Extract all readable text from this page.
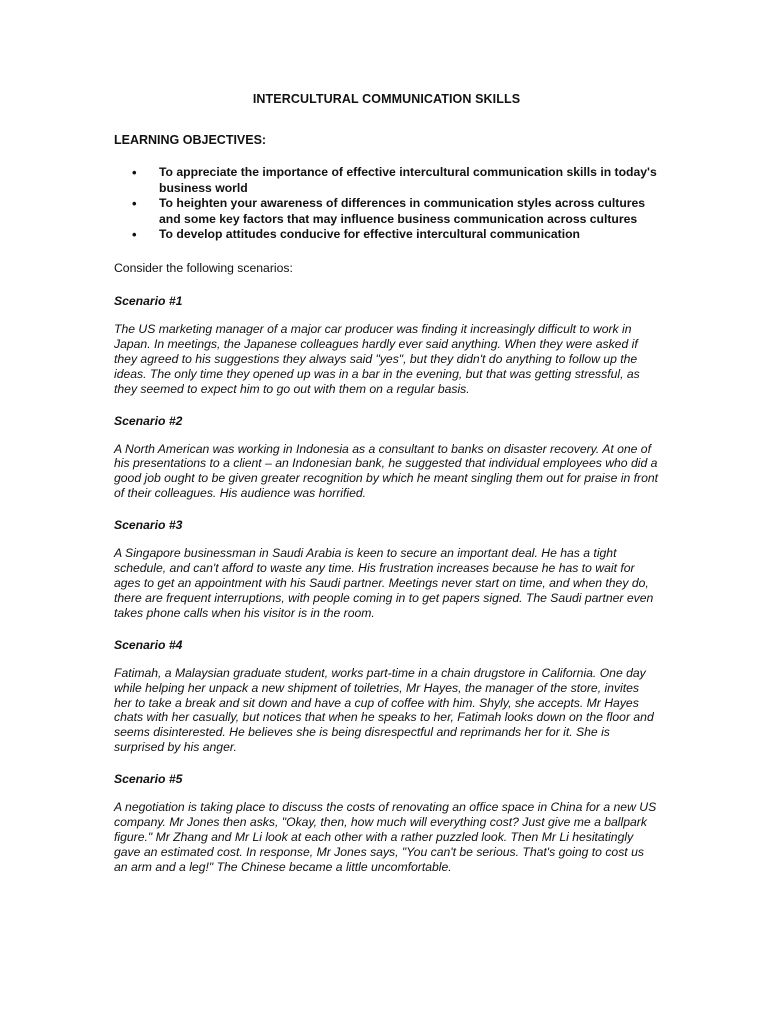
INTERCULTURAL COMMUNICATION SKILLS
LEARNING OBJECTIVES:
• To appreciate the importance of effective intercultural communication skills in today's business world
• To heighten your awareness of differences in communication styles across cultures and some key factors that may influence business communication across cultures
• To develop attitudes conducive for effective intercultural communication
Consider the following scenarios:
Scenario #1
The US marketing manager of a major car producer was finding it increasingly difficult to work in Japan. In meetings, the Japanese colleagues hardly ever said anything. When they were asked if they agreed to his suggestions they always said "yes", but they didn't do anything to follow up the ideas. The only time they opened up was in a bar in the evening, but that was getting stressful, as they seemed to expect him to go out with them on a regular basis.
Scenario #2
A North American was working in Indonesia as a consultant to banks on disaster recovery. At one of his presentations to a client – an Indonesian bank, he suggested that individual employees who did a good job ought to be given greater recognition by which he meant singling them out for praise in front of their colleagues. His audience was horrified.
Scenario #3
A Singapore businessman in Saudi Arabia is keen to secure an important deal. He has a tight schedule, and can't afford to waste any time. His frustration increases because he has to wait for ages to get an appointment with his Saudi partner. Meetings never start on time, and when they do, there are frequent interruptions, with people coming in to get papers signed. The Saudi partner even takes phone calls when his visitor is in the room.
Scenario #4
Fatimah, a Malaysian graduate student, works part-time in a chain drugstore in California. One day while helping her unpack a new shipment of toiletries, Mr Hayes, the manager of the store, invites her to take a break and sit down and have a cup of coffee with him. Shyly, she accepts. Mr Hayes chats with her casually, but notices that when he speaks to her, Fatimah looks down on the floor and seems disinterested. He believes she is being disrespectful and reprimands her for it. She is surprised by his anger.
Scenario #5
A negotiation is taking place to discuss the costs of renovating an office space in China for a new US company. Mr Jones then asks, "Okay, then, how much will everything cost? Just give me a ballpark figure." Mr Zhang and Mr Li look at each other with a rather puzzled look. Then Mr Li hesitatingly gave an estimated cost. In response, Mr Jones says, "You can't be serious. That's going to cost us an arm and a leg!" The Chinese became a little uncomfortable.
